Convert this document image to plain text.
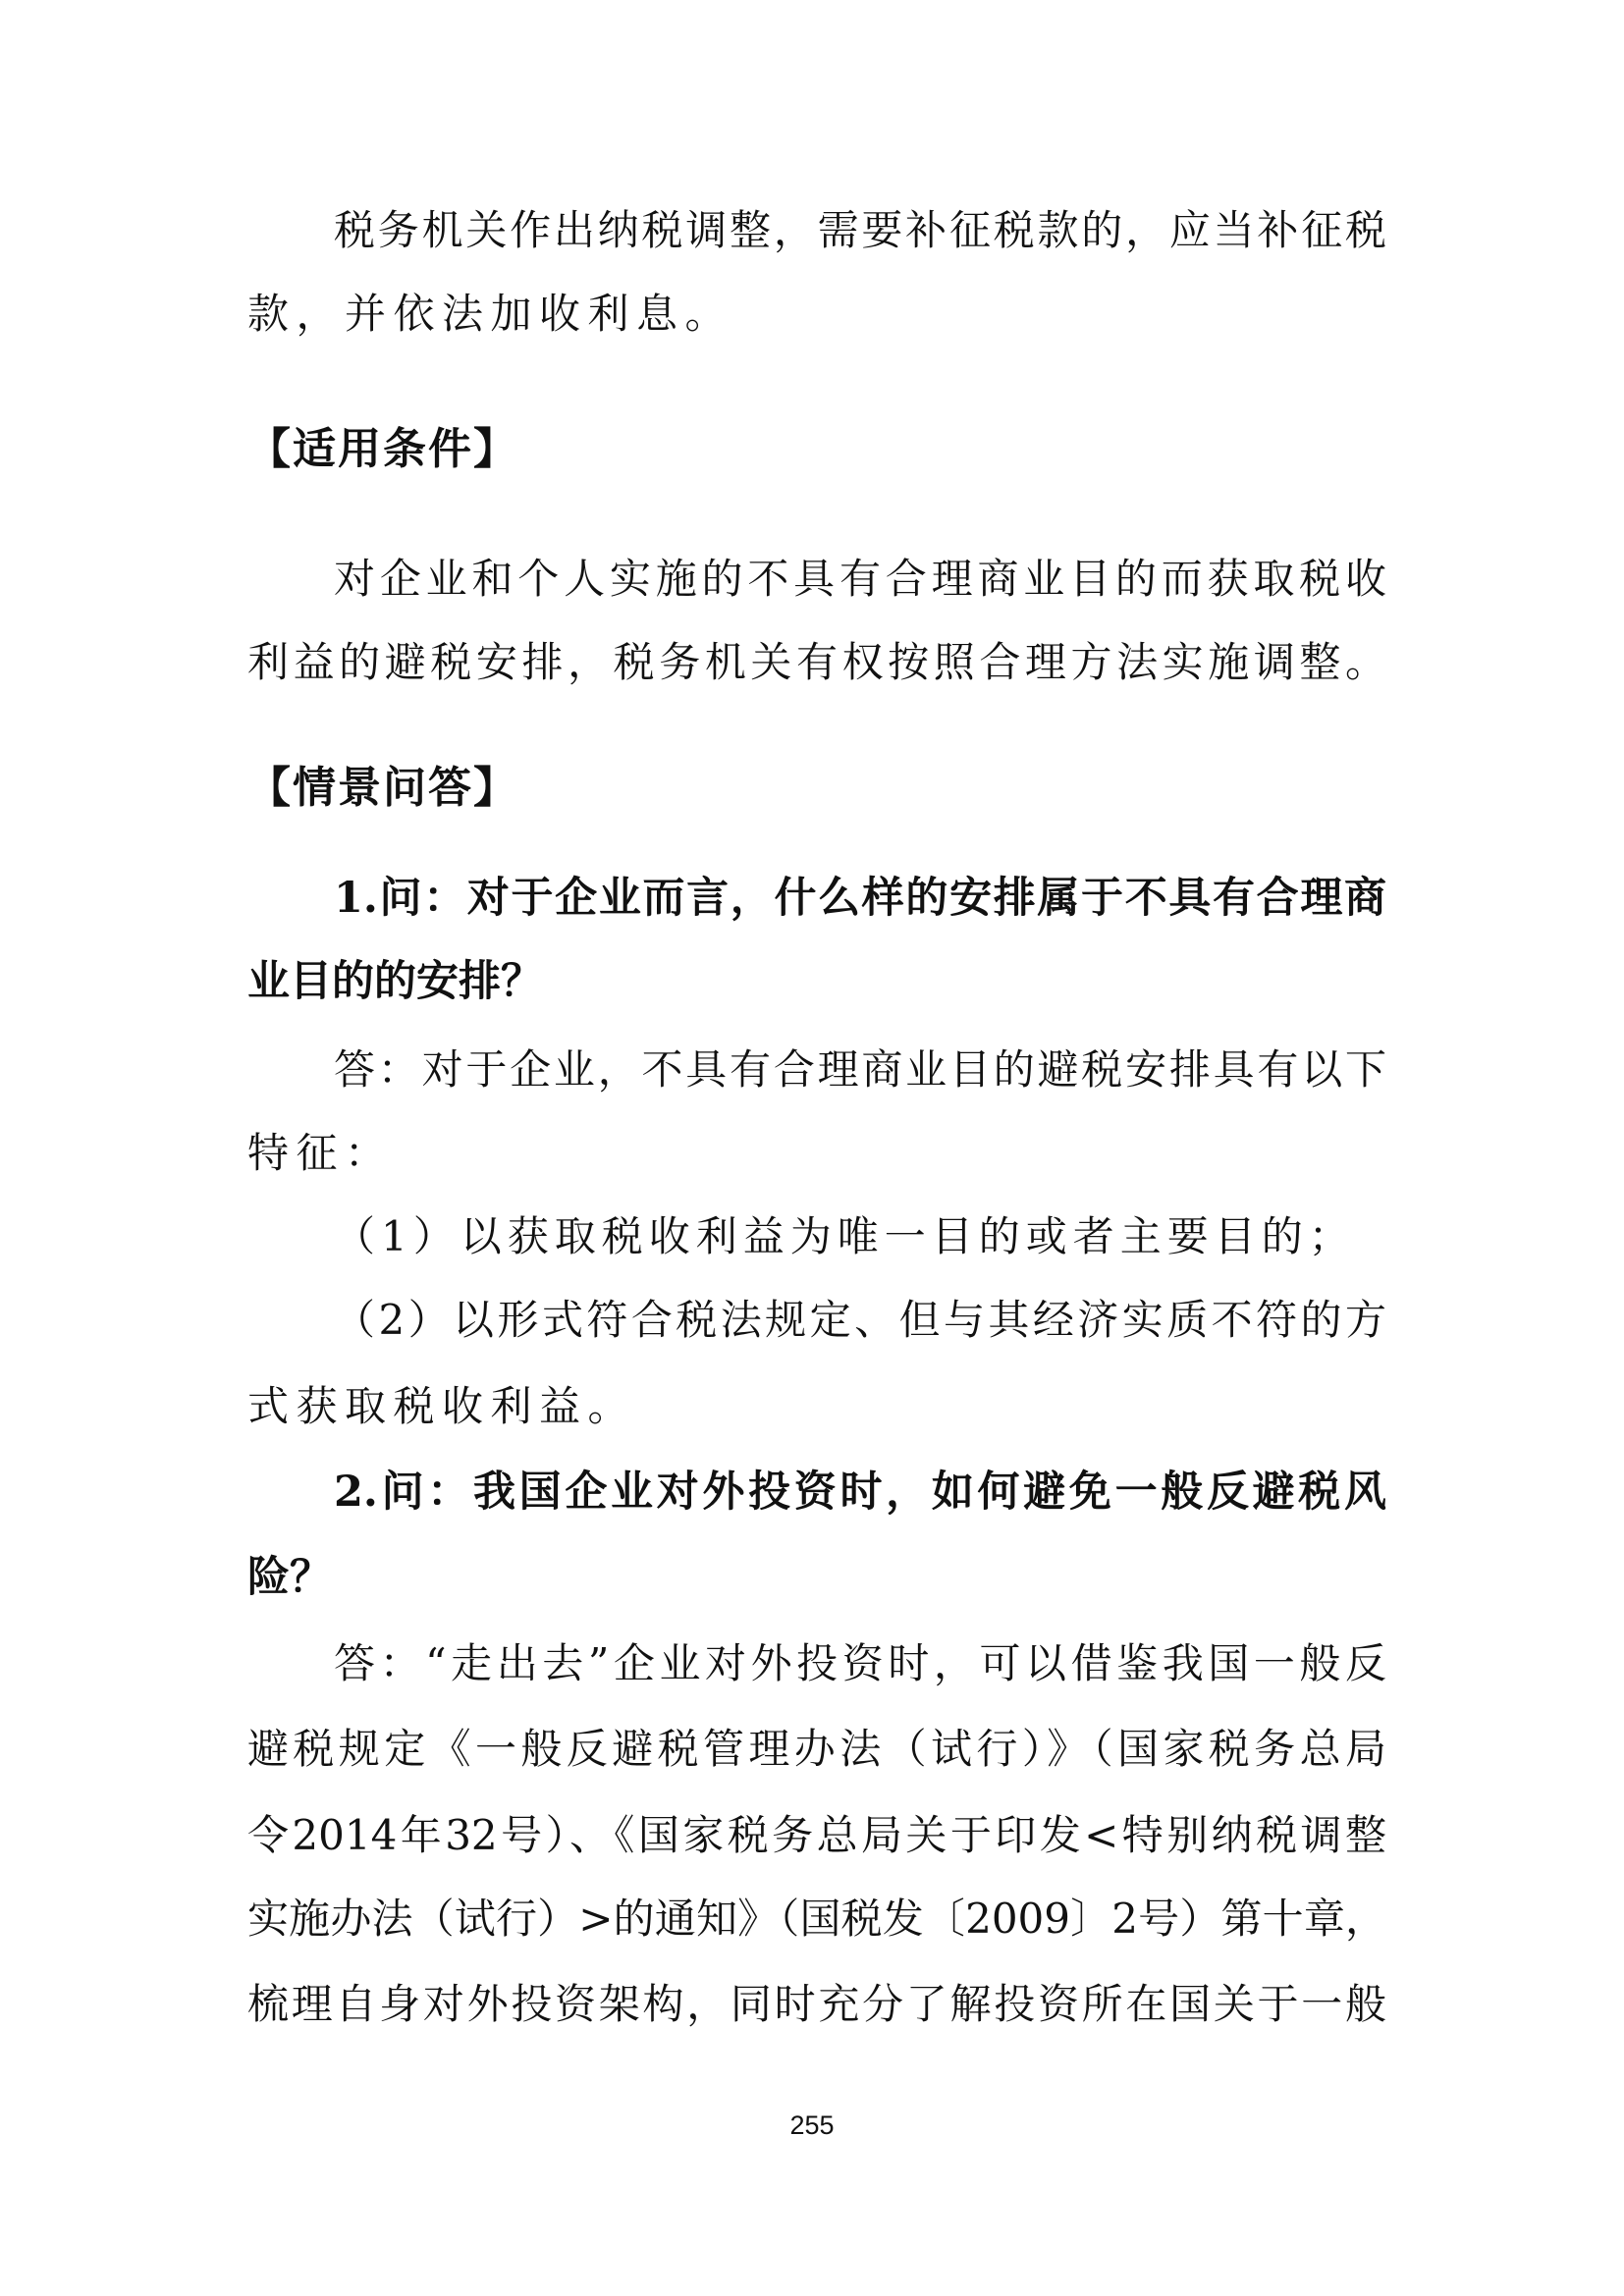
税务机关作出纳税调整，需要补征税款的，应当补征税
款，并依法加收利息。
【适用条件】
对企业和个人实施的不具有合理商业目的而获取税收
利益的避税安排，税务机关有权按照合理方法实施调整。
【情景问答】
1.问：对于企业而言，什么样的安排属于不具有合理商
业目的的安排？
答：对于企业，不具有合理商业目的避税安排具有以下
特征：
（1）以获取税收利益为唯一目的或者主要目的；
（2）以形式符合税法规定、但与其经济实质不符的方
式获取税收利益。
2.问：我国企业对外投资时，如何避免一般反避税风
险？
答：“走出去”企业对外投资时，可以借鉴我国一般反
避税规定《一般反避税管理办法（试行）》（国家税务总局
令2014年32号）、《国家税务总局关于印发<特别纳税调整
实施办法（试行）>的通知》（国税发〔2009〕2号）第十章，
梳理自身对外投资架构，同时充分了解投资所在国关于一般
255
